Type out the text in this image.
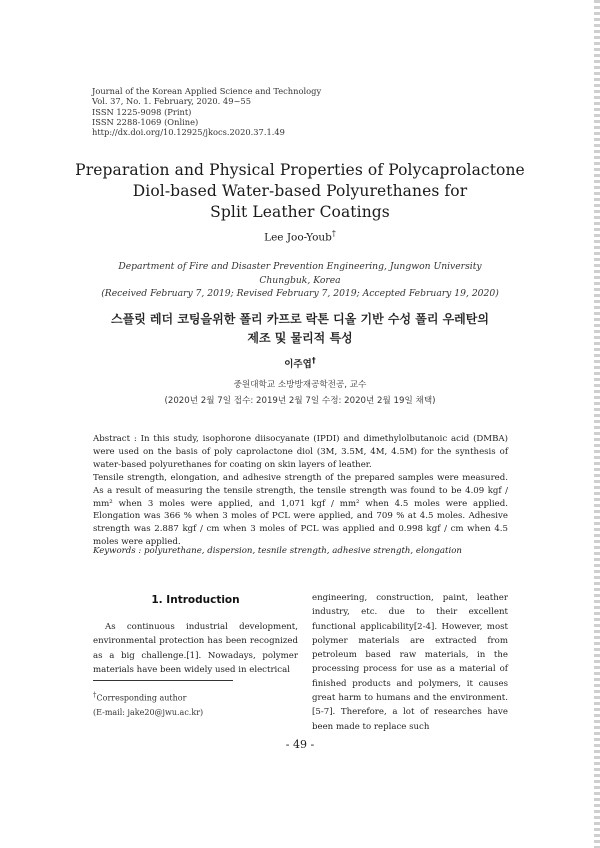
Journal of the Korean Applied Science and Technology
Vol. 37, No. 1. February, 2020. 49~55
ISSN 1225-9098 (Print)
ISSN 2288-1069 (Online)
http://dx.doi.org/10.12925/jkocs.2020.37.1.49
Preparation and Physical Properties of Polycaprolactone
Diol-based Water-based Polyurethanes for
Split Leather Coatings
Lee Joo-Youb†
Department of Fire and Disaster Prevention Engineering, Jungwon University
Chungbuk, Korea
(Received February 7, 2019; Revised February 7, 2019; Accepted February 19, 2020)
스플릿 레더 코팅을위한 폴리 카프로 락톤 디올 기반 수성 폴리 우레탄의
제조 및 물리적 특성
이주엽†
중원대학교 소방방재공학전공, 교수
(2020년 2월 7일 접수: 2019년 2월 7일 수정: 2020년 2월 19일 채택)

Abstract : In this study, isophorone diisocyanate (IPDI) and dimethylolbutanoic acid (DMBA) were used on the basis of poly caprolactone diol (3M, 3.5M, 4M, 4.5M) for the synthesis of water-based polyurethanes for coating on skin layers of leather.

Tensile strength, elongation, and adhesive strength of the prepared samples were measured. As a result of measuring the tensile strength, the tensile strength was found to be 4.09 kgf / mm² when 3 moles were applied, and 1,071 kgf / mm² when 4.5 moles were applied. Elongation was 366 % when 3 moles of PCL were applied, and 709 % at 4.5 moles. Adhesive strength was 2.887 kgf / cm when 3 moles of PCL was applied and 0.998 kgf / cm when 4.5 moles were applied.

Keywords : polyurethane, dispersion, tesnile strength, adhesive strength, elongation
1. Introduction

As continuous industrial development, environmental protection has been recognized as a big challenge.[1]. Nowadays, polymer materials have been widely used in electrical

engineering, construction, paint, leather industry, etc. due to their excellent functional applicability[2-4]. However, most polymer materials are extracted from petroleum based raw materials, in the processing process for use as a material of finished products and polymers, it causes great harm to humans and the environment.[5-7]. Therefore, a lot of researches have been made to replace such

†Corresponding author
(E-mail: jake20@jwu.ac.kr)
- 49 -
